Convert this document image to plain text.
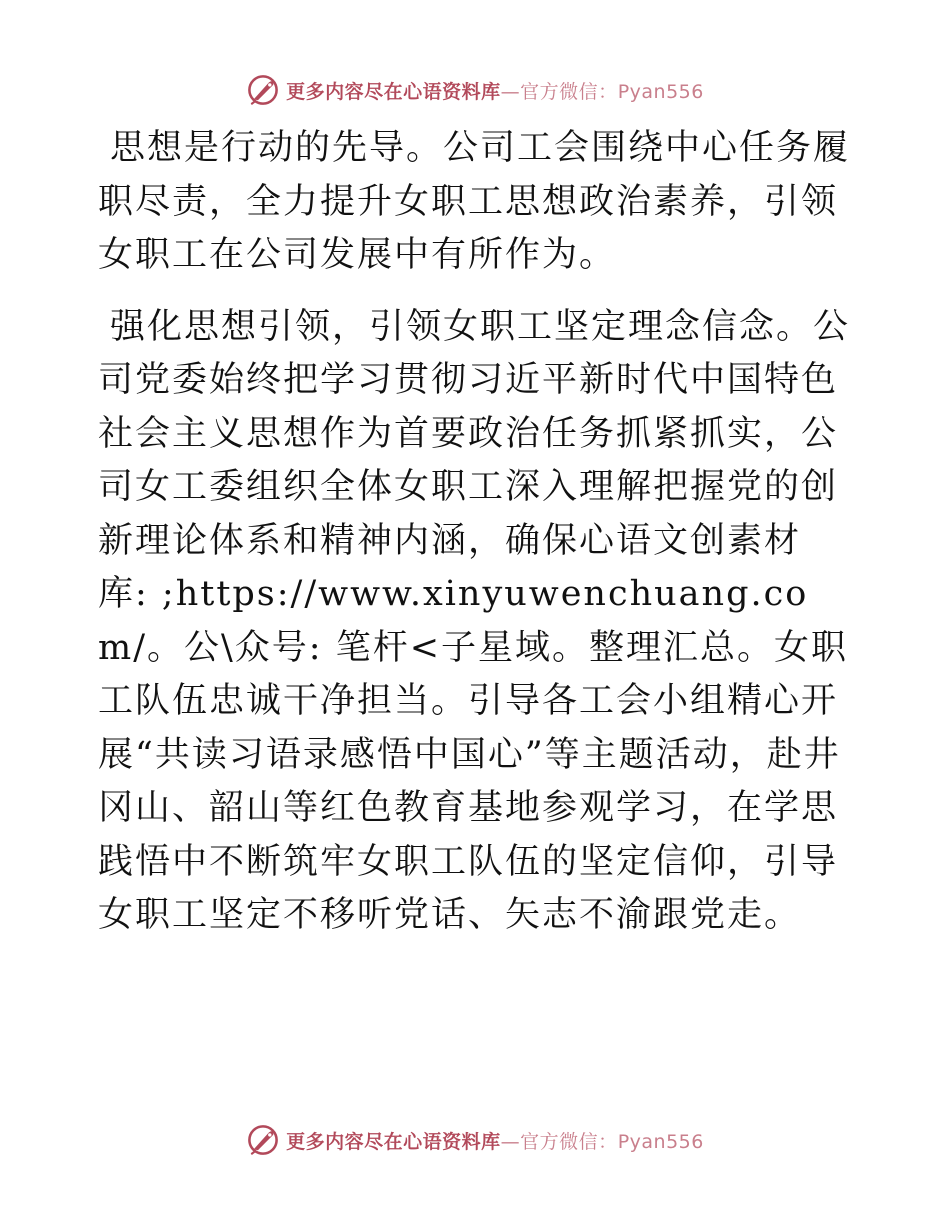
更多内容尽在心语资料库—官方微信：Pyan556

思想是行动的先导。公司工会围绕中心任务履职尽责，全力提升女职工思想政治素养，引领女职工在公司发展中有所作为。

强化思想引领，引领女职工坚定理念信念。公司党委始终把学习贯彻习近平新时代中国特色社会主义思想作为首要政治任务抓紧抓实，公司女工委组织全体女职工深入理解把握党的创新理论体系和精神内涵，确保心语文创素材库: ;https://www.xinyuwenchuang.com/。公\众号: 笔杆<子星域。整理汇总。女职工队伍忠诚干净担当。引导各工会小组精心开展“共读习语录感悟中国心”等主题活动，赴井冈山、韶山等红色教育基地参观学习，在学思践悟中不断筑牢女职工队伍的坚定信仰，引导女职工坚定不移听党话、矢志不渝跟党走。

更多内容尽在心语资料库—官方微信：Pyan556
